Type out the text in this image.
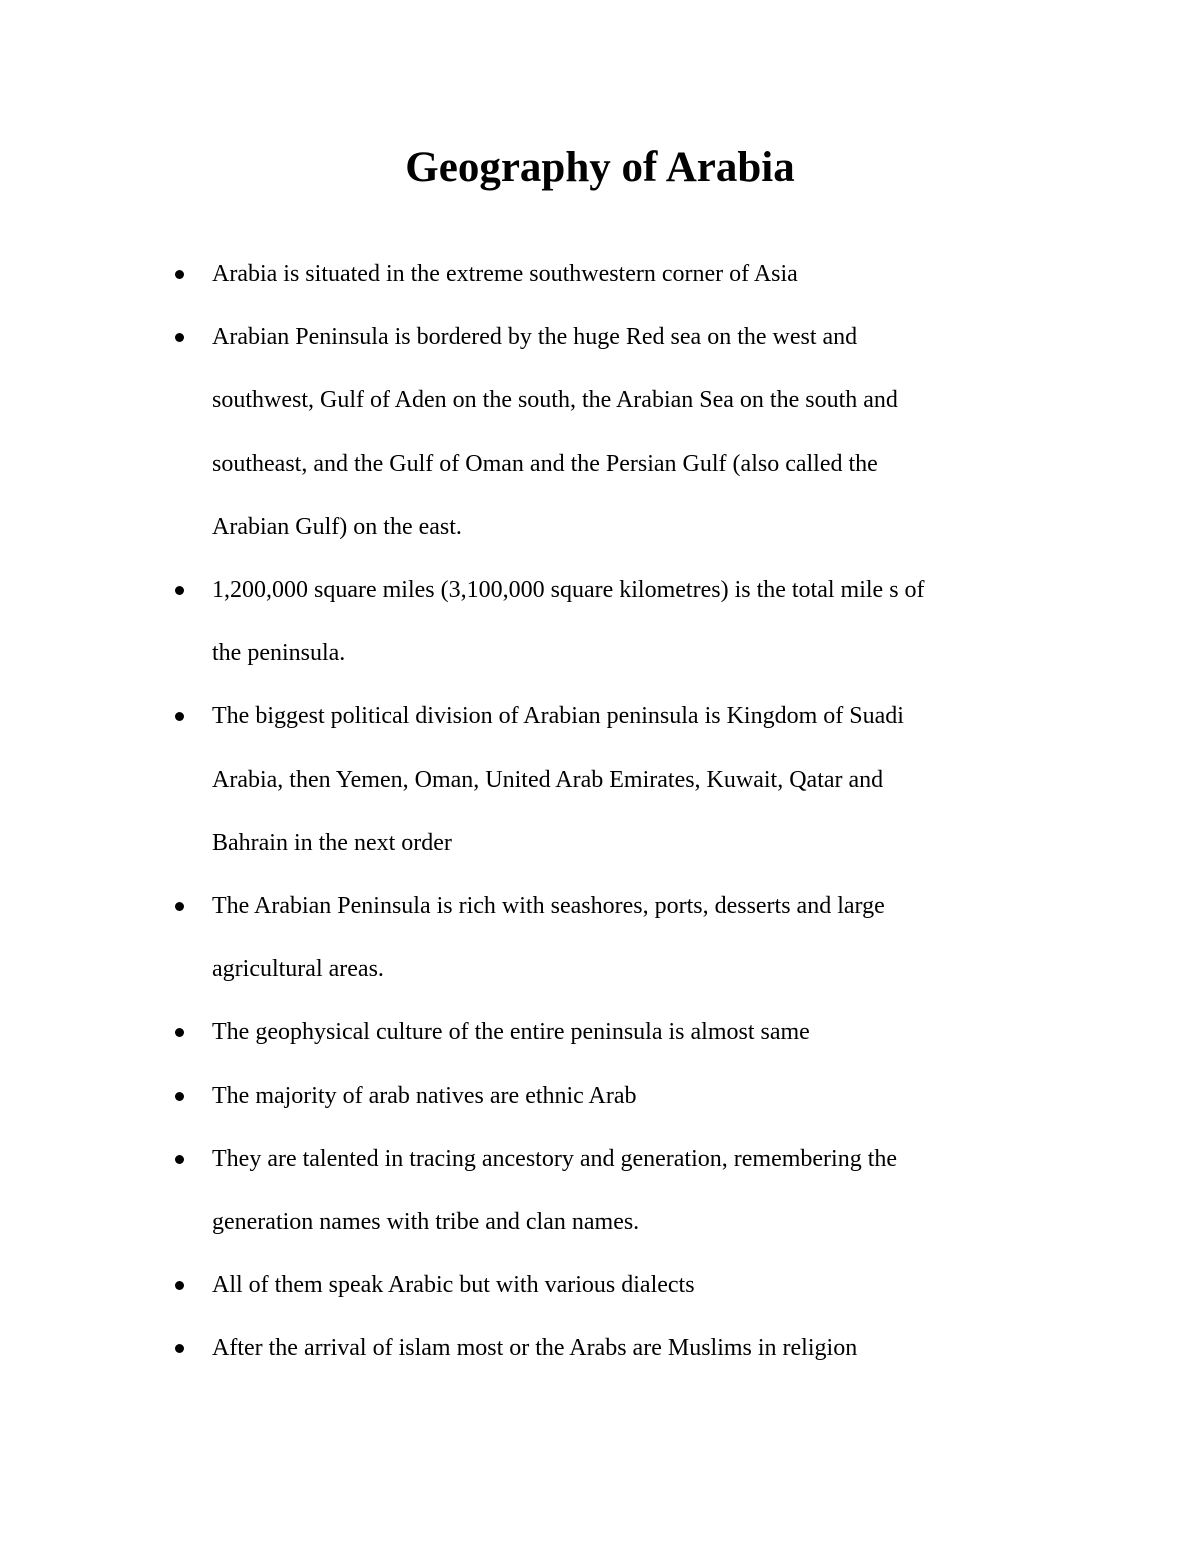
Geography of Arabia
Arabia is situated in the extreme southwestern corner of Asia
Arabian Peninsula is bordered by the huge Red sea on the west and
southwest, Gulf of Aden on the south, the Arabian Sea on the south and
southeast, and the Gulf of Oman and the Persian Gulf (also called the
Arabian Gulf) on the east.
1,200,000 square miles (3,100,000 square kilometres) is the total mile s of
the peninsula.
The biggest political division of Arabian peninsula is Kingdom of Suadi
Arabia, then Yemen, Oman, United Arab Emirates, Kuwait, Qatar and
Bahrain in the next order
The Arabian Peninsula is rich with seashores, ports, desserts and large
agricultural areas.
The geophysical culture of the entire peninsula is almost same
The majority of arab natives are ethnic Arab
They are talented in tracing ancestory and generation, remembering the
generation names with tribe and clan names.
All of them speak Arabic but with various dialects
After the arrival of islam most or the Arabs are Muslims in religion
